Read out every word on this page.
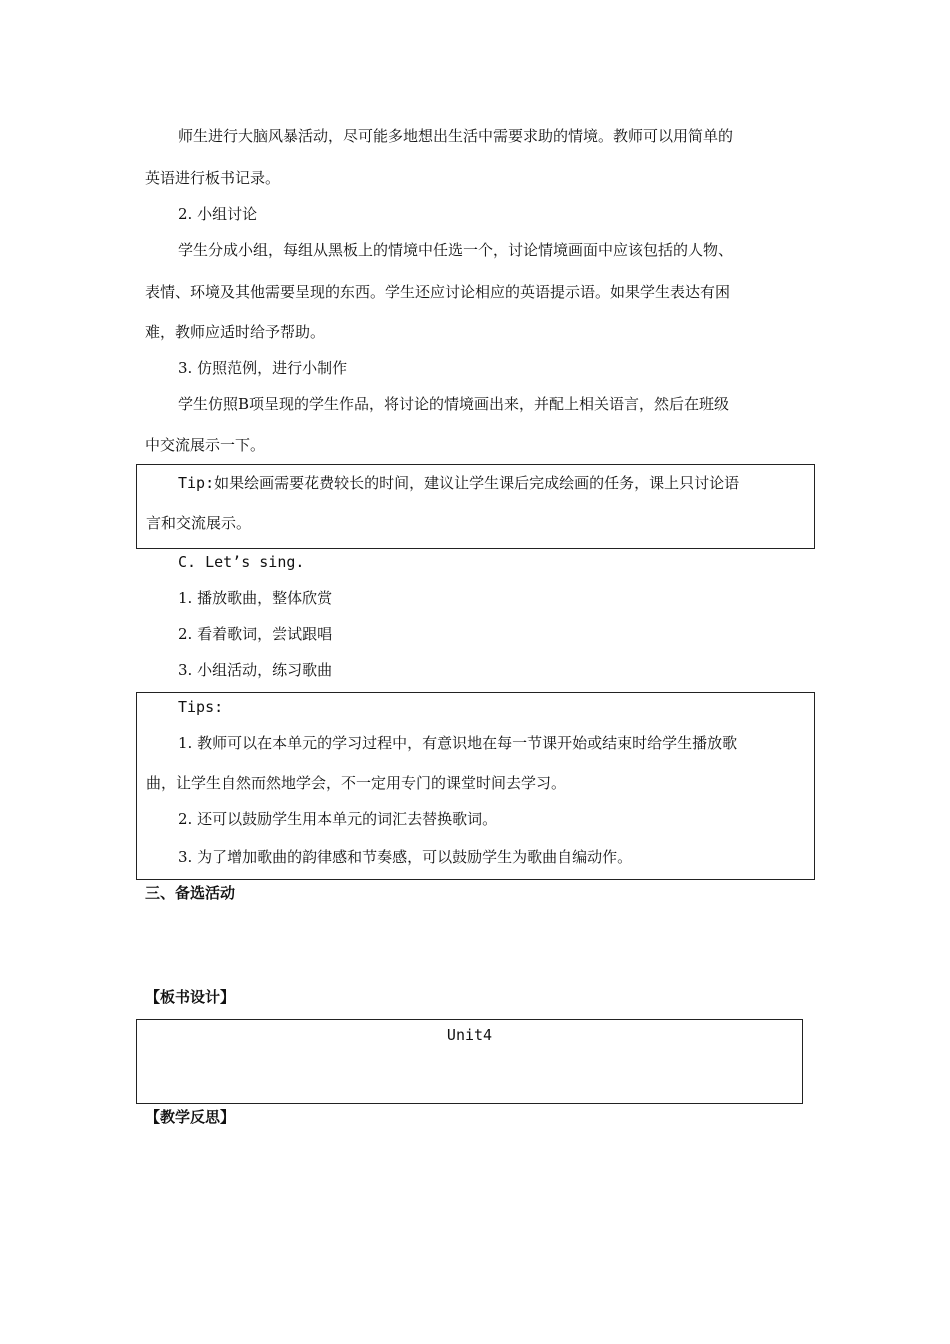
师生进行大脑风暴活动，尽可能多地想出生活中需要求助的情境。教师可以用简单的
英语进行板书记录。
2. 小组讨论
学生分成小组，每组从黑板上的情境中任选一个，讨论情境画面中应该包括的人物、
表情、环境及其他需要呈现的东西。学生还应讨论相应的英语提示语。如果学生表达有困
难，教师应适时给予帮助。
3. 仿照范例，进行小制作
学生仿照B项呈现的学生作品，将讨论的情境画出来，并配上相关语言，然后在班级
中交流展示一下。
Tip:如果绘画需要花费较长的时间，建议让学生课后完成绘画的任务，课上只讨论语
言和交流展示。
C. Let’s sing.
1. 播放歌曲，整体欣赏
2. 看着歌词，尝试跟唱
3. 小组活动，练习歌曲
Tips:
1. 教师可以在本单元的学习过程中，有意识地在每一节课开始或结束时给学生播放歌
曲，让学生自然而然地学会，不一定用专门的课堂时间去学习。
2. 还可以鼓励学生用本单元的词汇去替换歌词。
3. 为了增加歌曲的韵律感和节奏感，可以鼓励学生为歌曲自编动作。
三、备选活动
【板书设计】
Unit4
【教学反思】
